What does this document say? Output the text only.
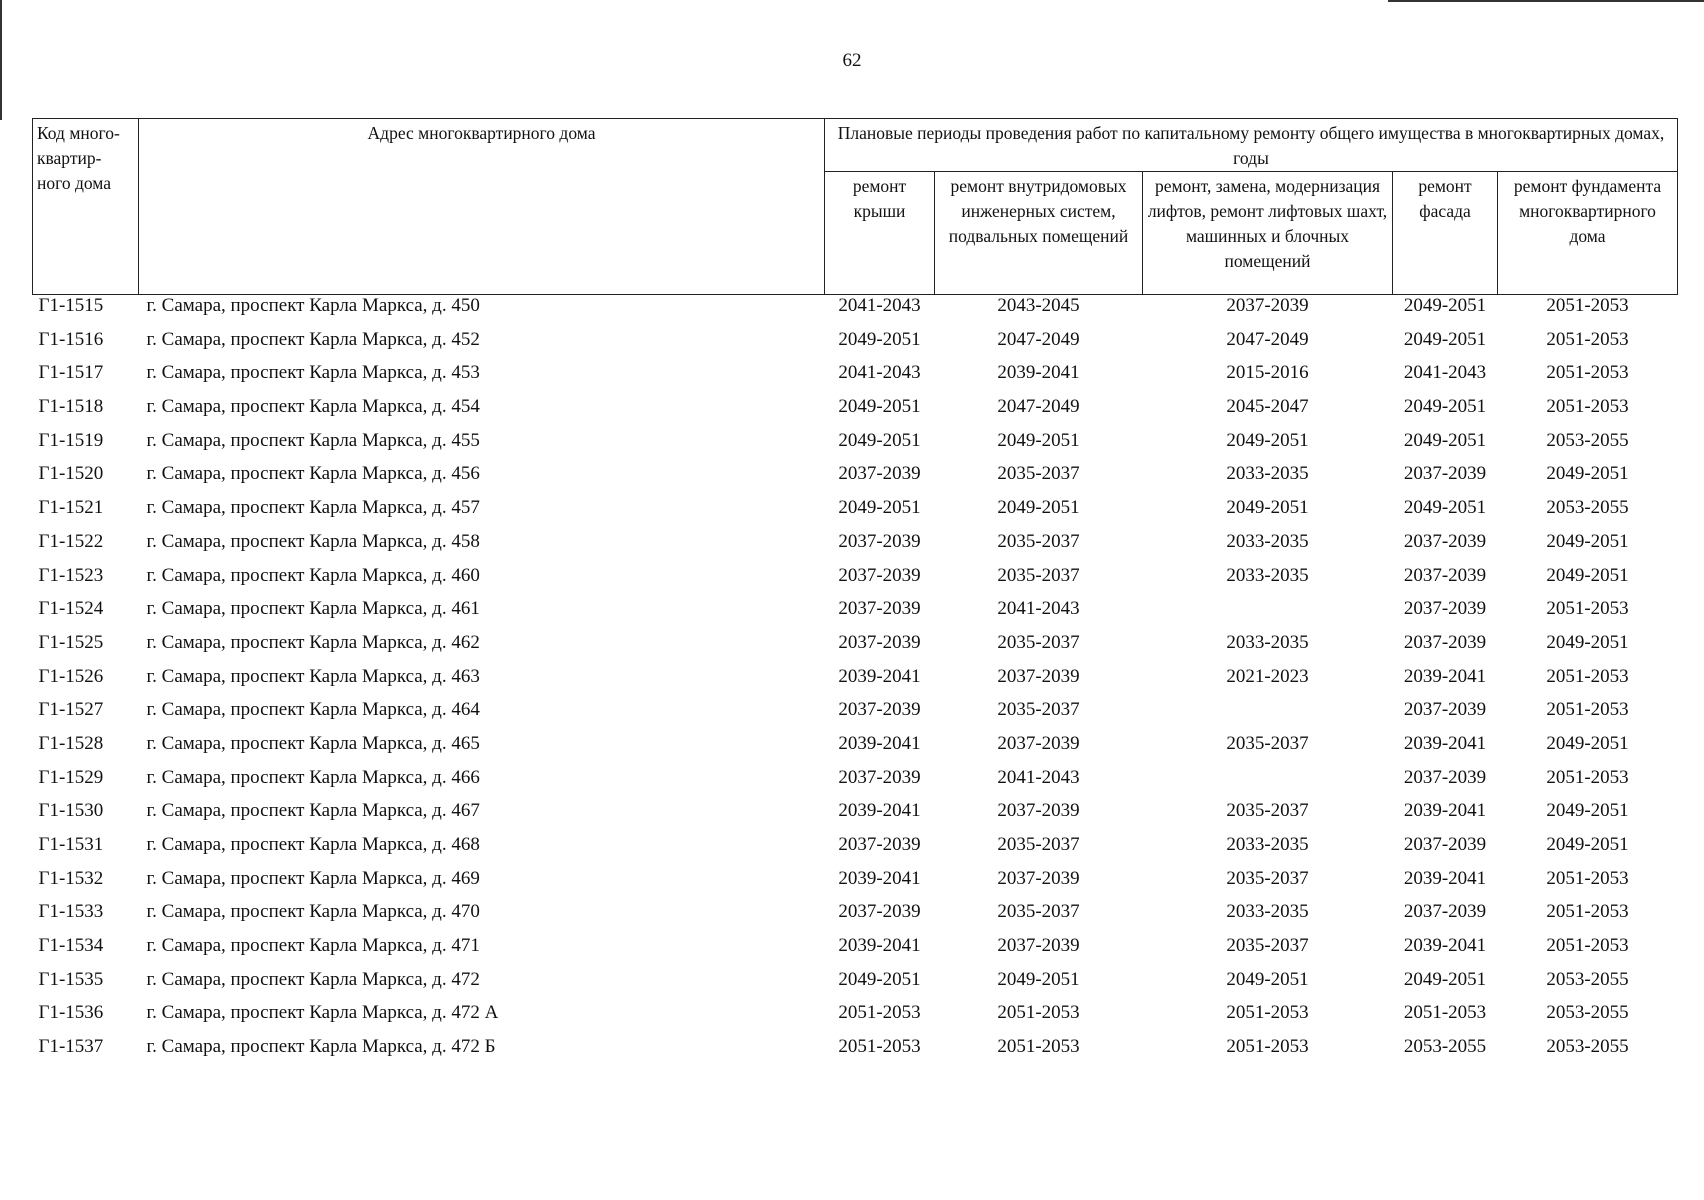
62
Код много-квартир-ного дома	Адрес многоквартирного дома	Плановые периоды проведения работ по капитальному ремонту общего имущества в многоквартирных домах, годы				
		ремонт крыши	ремонт внутридомовых инженерных систем, подвальных помещений	ремонт, замена, модернизация лифтов, ремонт лифтовых шахт, машинных и блочных помещений	ремонт фасада	ремонт фундамента многоквартирного дома
Г1-1515	г. Самара, проспект Карла Маркса, д. 450	2041-2043	2043-2045	2037-2039	2049-2051	2051-2053
Г1-1516	г. Самара, проспект Карла Маркса, д. 452	2049-2051	2047-2049	2047-2049	2049-2051	2051-2053
Г1-1517	г. Самара, проспект Карла Маркса, д. 453	2041-2043	2039-2041	2015-2016	2041-2043	2051-2053
Г1-1518	г. Самара, проспект Карла Маркса, д. 454	2049-2051	2047-2049	2045-2047	2049-2051	2051-2053
Г1-1519	г. Самара, проспект Карла Маркса, д. 455	2049-2051	2049-2051	2049-2051	2049-2051	2053-2055
Г1-1520	г. Самара, проспект Карла Маркса, д. 456	2037-2039	2035-2037	2033-2035	2037-2039	2049-2051
Г1-1521	г. Самара, проспект Карла Маркса, д. 457	2049-2051	2049-2051	2049-2051	2049-2051	2053-2055
Г1-1522	г. Самара, проспект Карла Маркса, д. 458	2037-2039	2035-2037	2033-2035	2037-2039	2049-2051
Г1-1523	г. Самара, проспект Карла Маркса, д. 460	2037-2039	2035-2037	2033-2035	2037-2039	2049-2051
Г1-1524	г. Самара, проспект Карла Маркса, д. 461	2037-2039	2041-2043		2037-2039	2051-2053
Г1-1525	г. Самара, проспект Карла Маркса, д. 462	2037-2039	2035-2037	2033-2035	2037-2039	2049-2051
Г1-1526	г. Самара, проспект Карла Маркса, д. 463	2039-2041	2037-2039	2021-2023	2039-2041	2051-2053
Г1-1527	г. Самара, проспект Карла Маркса, д. 464	2037-2039	2035-2037		2037-2039	2051-2053
Г1-1528	г. Самара, проспект Карла Маркса, д. 465	2039-2041	2037-2039	2035-2037	2039-2041	2049-2051
Г1-1529	г. Самара, проспект Карла Маркса, д. 466	2037-2039	2041-2043		2037-2039	2051-2053
Г1-1530	г. Самара, проспект Карла Маркса, д. 467	2039-2041	2037-2039	2035-2037	2039-2041	2049-2051
Г1-1531	г. Самара, проспект Карла Маркса, д. 468	2037-2039	2035-2037	2033-2035	2037-2039	2049-2051
Г1-1532	г. Самара, проспект Карла Маркса, д. 469	2039-2041	2037-2039	2035-2037	2039-2041	2051-2053
Г1-1533	г. Самара, проспект Карла Маркса, д. 470	2037-2039	2035-2037	2033-2035	2037-2039	2051-2053
Г1-1534	г. Самара, проспект Карла Маркса, д. 471	2039-2041	2037-2039	2035-2037	2039-2041	2051-2053
Г1-1535	г. Самара, проспект Карла Маркса, д. 472	2049-2051	2049-2051	2049-2051	2049-2051	2053-2055
Г1-1536	г. Самара, проспект Карла Маркса, д. 472 А	2051-2053	2051-2053	2051-2053	2051-2053	2053-2055
Г1-1537	г. Самара, проспект Карла Маркса, д. 472 Б	2051-2053	2051-2053	2051-2053	2053-2055	2053-2055
